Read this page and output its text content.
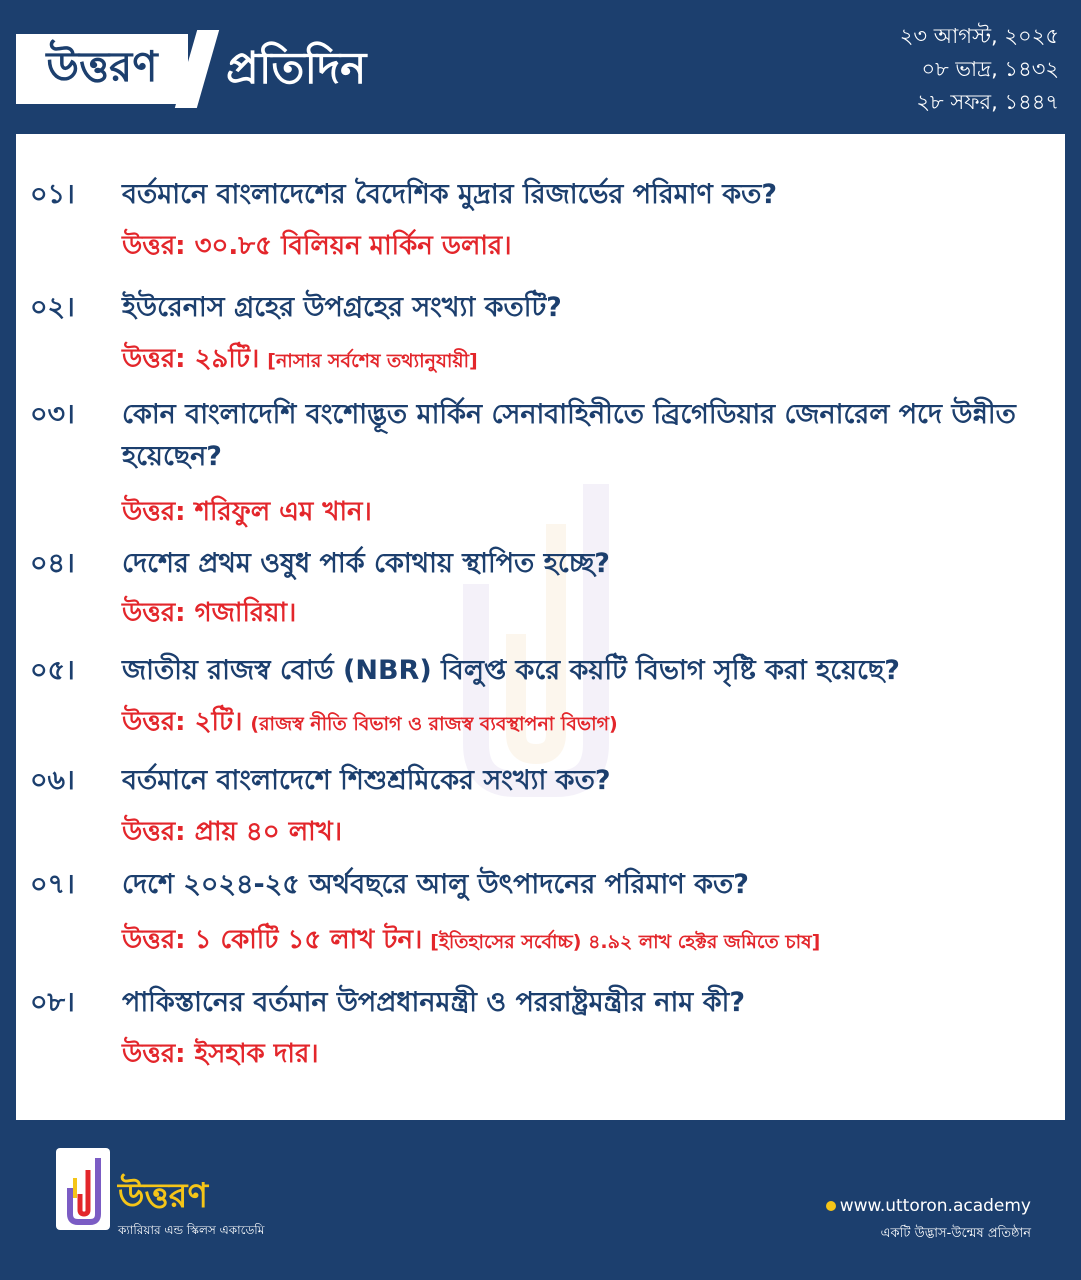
উত্তরণ প্রতিদিন
২৩ আগস্ট, ২০২৫
০৮ ভাদ্র, ১৪৩২
২৮ সফর, ১৪৪৭
০১।	বর্তমানে বাংলাদেশের বৈদেশিক মুদ্রার রিজার্ভের পরিমাণ কত?
উত্তর: ৩০.৮৫ বিলিয়ন মার্কিন ডলার।
০২।	ইউরেনাস গ্রহের উপগ্রহের সংখ্যা কতটি?
উত্তর: ২৯টি। [নাসার সর্বশেষ তথ্যানুযায়ী]
০৩।	কোন বাংলাদেশি বংশোদ্ভূত মার্কিন সেনাবাহিনীতে ব্রিগেডিয়ার জেনারেল পদে উন্নীত হয়েছেন?
উত্তর: শরিফুল এম খান।
০৪।	দেশের প্রথম ওষুধ পার্ক কোথায় স্থাপিত হচ্ছে?
উত্তর: গজারিয়া।
০৫।	জাতীয় রাজস্ব বোর্ড (NBR) বিলুপ্ত করে কয়টি বিভাগ সৃষ্টি করা হয়েছে?
উত্তর: ২টি। (রাজস্ব নীতি বিভাগ ও রাজস্ব ব্যবস্থাপনা বিভাগ)
০৬।	বর্তমানে বাংলাদেশে শিশুশ্রমিকের সংখ্যা কত?
উত্তর: প্রায় ৪০ লাখ।
০৭।	দেশে ২০২৪-২৫ অর্থবছরে আলু উৎপাদনের পরিমাণ কত?
উত্তর: ১ কোটি ১৫ লাখ টন। [ইতিহাসের সর্বোচ্চ) ৪.৯২ লাখ হেক্টর জমিতে চাষ]
০৮।	পাকিস্তানের বর্তমান উপপ্রধানমন্ত্রী ও পররাষ্ট্রমন্ত্রীর নাম কী?
উত্তর: ইসহাক দার।
উত্তরণ
ক্যারিয়ার এন্ড স্কিলস একাডেমি
www.uttoron.academy
একটি উদ্ভাস-উন্মেষ প্রতিষ্ঠান
